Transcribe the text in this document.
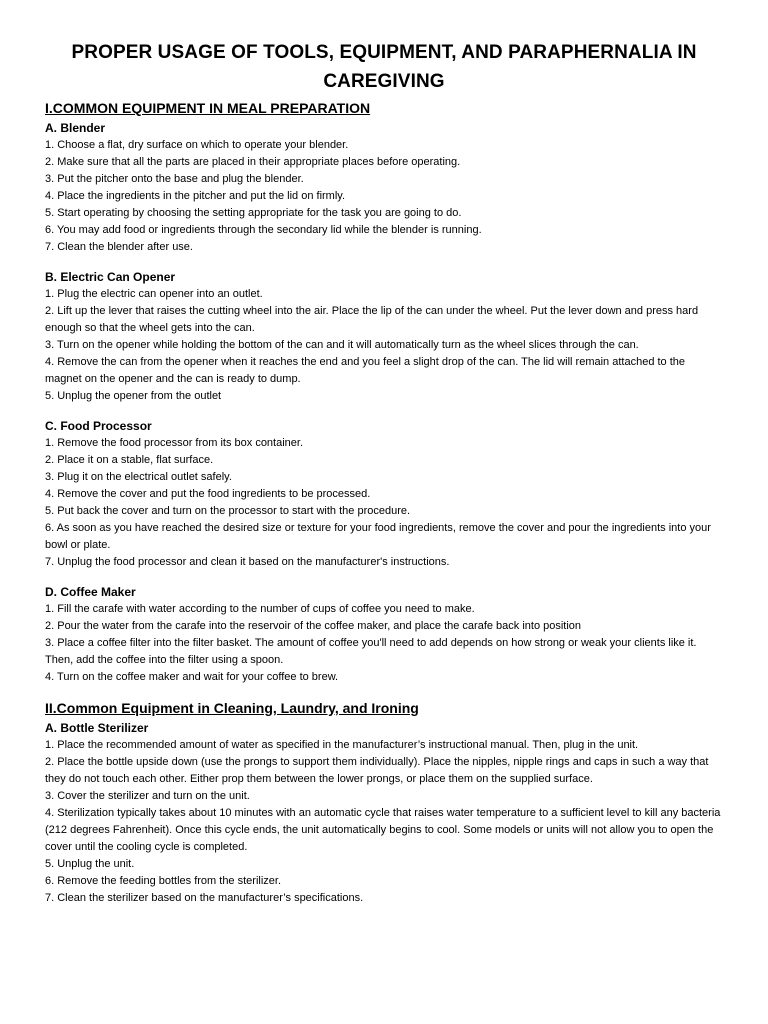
PROPER USAGE OF TOOLS, EQUIPMENT, AND PARAPHERNALIA IN CAREGIVING
I.COMMON EQUIPMENT IN MEAL PREPARATION
A. Blender
1. Choose a flat, dry surface on which to operate your blender.
2. Make sure that all the parts are placed in their appropriate places before operating.
3. Put the pitcher onto the base and plug the blender.
4. Place the ingredients in the pitcher and put the lid on firmly.
5. Start operating by choosing the setting appropriate for the task you are going to do.
6. You may add food or ingredients through the secondary lid while the blender is running.
7. Clean the blender after use.
B. Electric Can Opener
1. Plug the electric can opener into an outlet.
2. Lift up the lever that raises the cutting wheel into the air. Place the lip of the can under the wheel. Put the lever down and press hard enough so that the wheel gets into the can.
3. Turn on the opener while holding the bottom of the can and it will automatically turn as the wheel slices through the can.
4. Remove the can from the opener when it reaches the end and you feel a slight drop of the can. The lid will remain attached to the magnet on the opener and the can is ready to dump.
5. Unplug the opener from the outlet
C. Food Processor
1. Remove the food processor from its box container.
2. Place it on a stable, flat surface.
3. Plug it on the electrical outlet safely.
4. Remove the cover and put the food ingredients to be processed.
5. Put back the cover and turn on the processor to start with the procedure.
6. As soon as you have reached the desired size or texture for your food ingredients, remove the cover and pour the ingredients into your bowl or plate.
7. Unplug the food processor and clean it based on the manufacturer's instructions.
D. Coffee Maker
1. Fill the carafe with water according to the number of cups of coffee you need to make.
2. Pour the water from the carafe into the reservoir of the coffee maker, and place the carafe back into position
3. Place a coffee filter into the filter basket. The amount of coffee you'll need to add depends on how strong or weak your clients like it. Then, add the coffee into the filter using a spoon.
4. Turn on the coffee maker and wait for your coffee to brew.
II.Common Equipment in Cleaning, Laundry, and Ironing
A. Bottle Sterilizer
1. Place the recommended amount of water as specified in the manufacturer’s instructional manual. Then, plug in the unit.
2. Place the bottle upside down (use the prongs to support them individually). Place the nipples, nipple rings and caps in such a way that they do not touch each other. Either prop them between the lower prongs, or place them on the supplied surface.
3. Cover the sterilizer and turn on the unit.
4. Sterilization typically takes about 10 minutes with an automatic cycle that raises water temperature to a sufficient level to kill any bacteria (212 degrees Fahrenheit). Once this cycle ends, the unit automatically begins to cool. Some models or units will not allow you to open the cover until the cooling cycle is completed.
5. Unplug the unit.
6. Remove the feeding bottles from the sterilizer.
7. Clean the sterilizer based on the manufacturer’s specifications.
